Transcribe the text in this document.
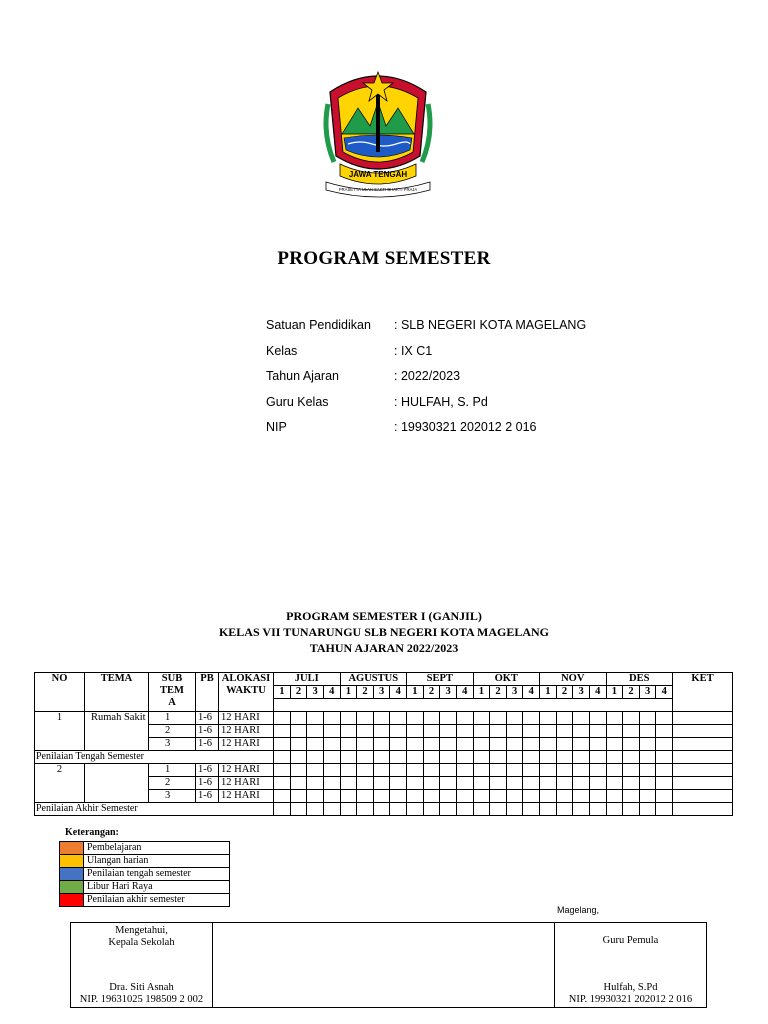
JAWA TENGAH
PRASETYA ULAH SAKTI BHAKTI PRAJA
PROGRAM SEMESTER
Satuan Pendidikan	: SLB NEGERI KOTA MAGELANG
Kelas	: IX C1
Tahun Ajaran	: 2022/2023
Guru Kelas	: HULFAH, S. Pd
NIP	: 19930321 202012 2 016
PROGRAM SEMESTER I (GANJIL)
KELAS VII TUNARUNGU SLB NEGERI KOTA MAGELANG
TAHUN AJARAN 2022/2023
NO	TEMA	SUB TEM A	PB	ALOKASI WAKTU	JULI				AGUSTUS				SEPT				OKT				NOV				DES				KET
					1	2	3	4	1	2	3	4	1	2	3	4	1	2	3	4	1	2	3	4	1	2	3	4	

1	Rumah Sakit	1	1-6	12 HARI																									
		2	1-6	12 HARI																									
		3	1-6	12 HARI																									
Penilaian Tengah Semester																													
2		1	1-6	12 HARI																									
		2	1-6	12 HARI																									
		3	1-6	12 HARI																									
Penilaian Akhir Semester																													
Keterangan:
	Pembelajaran
	Ulangan harian
	Penilaian tengah semester
	Libur Hari Raya
	Penilaian akhir semester
Magelang,
Mengetahui,
Kepala Sekolah
Dra. Siti Asnah
NIP. 19631025 198509 2 002

Guru Pemula
Hulfah, S.Pd
NIP. 19930321 202012 2 016
